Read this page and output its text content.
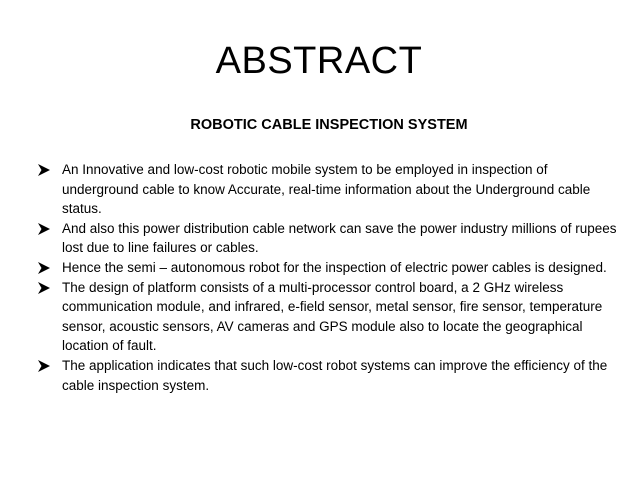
ABSTRACT
ROBOTIC CABLE INSPECTION SYSTEM
An Innovative and low-cost robotic mobile system to be employed in inspection of underground cable to know Accurate, real-time information about the Underground cable status.
And also this power distribution cable network can save the power industry millions of rupees lost due to line failures or cables.
Hence the semi – autonomous robot for the inspection of electric power cables is designed.
The design of platform consists of a multi-processor control board, a 2 GHz wireless communication module, and infrared, e-field sensor, metal sensor, fire sensor, temperature sensor, acoustic sensors, AV cameras and GPS module also to locate the geographical location of fault.
The application indicates that such low-cost robot systems can improve the efficiency of the cable inspection system.
